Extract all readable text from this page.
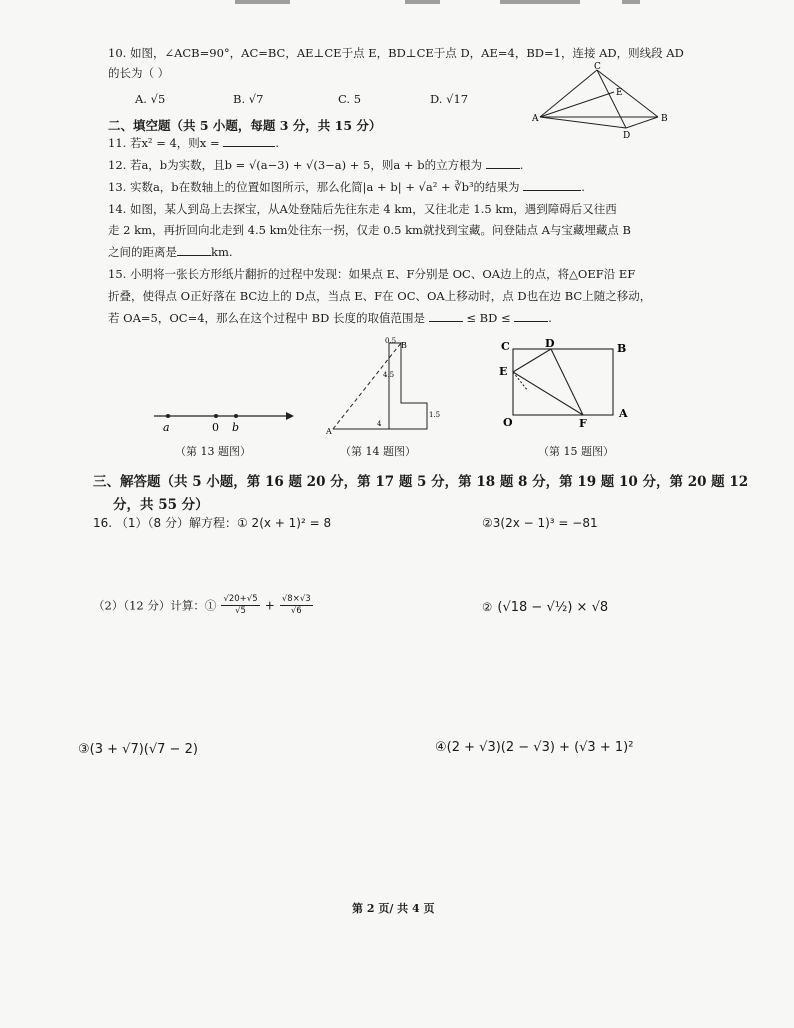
10. 如图，∠ACB=90°，AC=BC，AE⊥CE于点 E，BD⊥CE于点 D，AE=4，BD=1，连接 AD，则线段 AD
的长为（ ）
A. √5	B. √7	C. 5	D. √17
C
E
A
D
B
二、填空题（共 5 小题，每题 3 分，共 15 分）
11. 若x² = 4，则x =	.
12. 若a，b为实数，且b = √(a−3) + √(3−a) + 5，则a + b的立方根为	.
13. 实数a，b在数轴上的位置如图所示，那么化简|a + b| + √a² + ∛b³的结果为	.
14. 如图，某人到岛上去探宝，从A处登陆后先往东走 4 km，又往北走 1.5 km，遇到障碍后又往西
走 2 km，再折回向北走到 4.5 km处往东一拐，仅走 0.5 km就找到宝藏。问登陆点 A与宝藏埋藏点 B
之间的距离是	km.
15. 小明将一张长方形纸片翻折的过程中发现：如果点 E、F分别是 OC、OA边上的点，将△OEF沿 EF
折叠，使得点 O正好落在 BC边上的 D点，当点 E、F在 OC、OA上移动时，点 D也在边 BC上随之移动，
若 OA=5，OC=4，那么在这个过程中 BD 长度的取值范围是	≤ BD ≤	.
a	0 b
（第 13 题图）
0.5 B
4.5
4
1.5
A
（第 14 题图）
C	D	B
E
O	F
A
（第 15 题图）
三、解答题（共 5 小题，第 16 题 20 分，第 17 题 5 分，第 18 题 8 分，第 19 题 10 分，第 20 题 12
分，共 55 分）
16. （1）（8 分）解方程：① 2(x + 1)² = 8	②3(2x − 1)³ = −81
（2）（12 分）计算：① $\frac{√20+√5}{√5} + \frac{√8\times√3}{√6}$	② (√18 − √½) × √8
③(3 + √7)(√7 − 2)	④(2 + √3)(2 − √3) + (√3 + 1)²
第 2 页/ 共 4 页
